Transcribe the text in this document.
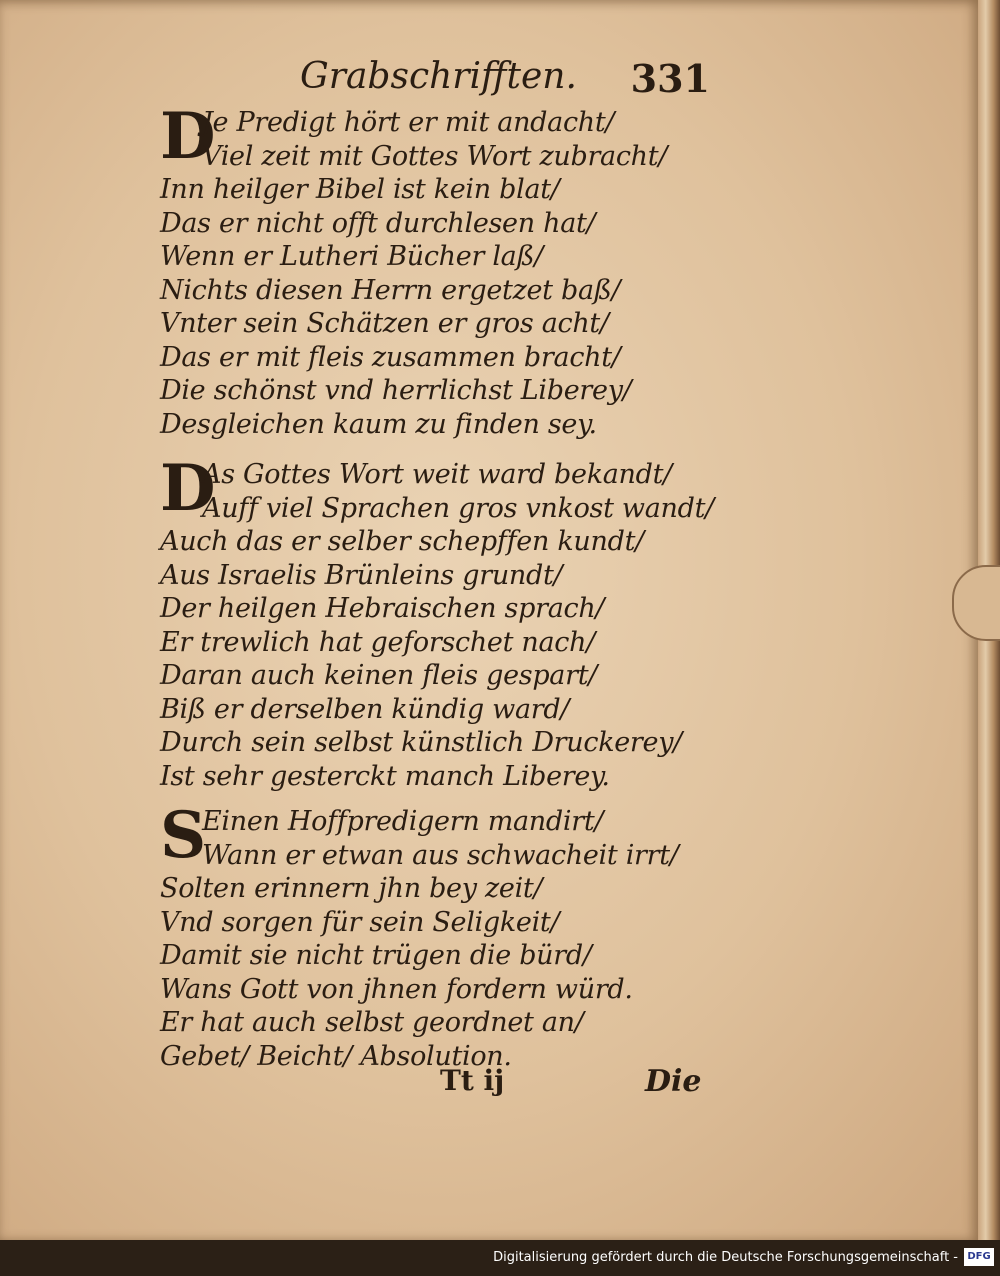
Grabschrifften. 331
D
Je Predigt hört er mit andacht/
Viel zeit mit Gottes Wort zubracht/
Inn heilger Bibel ist kein blat/
Das er nicht offt durchlesen hat/
Wenn er Lutheri Bücher laß/
Nichts diesen Herrn ergetzet baß/
Vnter sein Schätzen er gros acht/
Das er mit fleis zusammen bracht/
Die schönst vnd herrlichst Liberey/
Desgleichen kaum zu finden sey.
D
As Gottes Wort weit ward bekandt/
Auff viel Sprachen gros vnkost wandt/
Auch das er selber schepffen kundt/
Aus Israelis Brünleins grundt/
Der heilgen Hebraischen sprach/
Er trewlich hat geforschet nach/
Daran auch keinen fleis gespart/
Biß er derselben kündig ward/
Durch sein selbst künstlich Druckerey/
Ist sehr gesterckt manch Liberey.
S
Einen Hoffpredigern mandirt/
Wann er etwan aus schwacheit irrt/
Solten erinnern jhn bey zeit/
Vnd sorgen für sein Seligkeit/
Damit sie nicht trügen die bürd/
Wans Gott von jhnen fordern würd.
Er hat auch selbst geordnet an/
Gebet/ Beicht/ Absolution.
Tt ij	Die
Digitalisierung gefördert durch die Deutsche Forschungsgemeinschaft - DFG
